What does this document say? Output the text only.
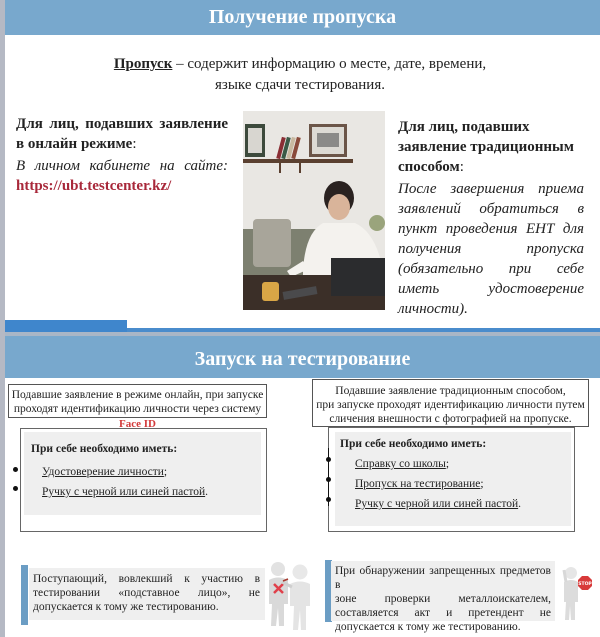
Получение пропуска
Пропуск – содержит информацию о месте, дате, времени,
языке сдачи тестирования.
Для лиц, подавших заявление
в онлайн режиме:
В личном кабинете на сайте:
https://ubt.testcenter.kz/
Для лиц, подавших
заявление традиционным
способом:
После завершения приема
заявлений обратиться в
пункт проведения ЕНТ для
получения пропуска
(обязательно при себе
иметь удостоверение
личности).
Запуск на тестирование
Подавшие заявление в режиме онлайн, при запуске
проходят идентификацию личности через систему
При себе необходимо иметь:
Удостоверение личности;
Ручку с черной или синей пастой.
Face ID
Подавшие заявление традиционным способом,
при запуске проходят идентификацию личности путем
сличения внешности с фотографией на пропуске.
При себе необходимо иметь:
Справку со школы;
Пропуск на тестирование;
Ручку с черной или синей пастой.
Поступающий, вовлекший к участию в
тестировании «подставное лицо», не
допускается к тому же тестированию.
При обнаружении запрещенных предметов в
зоне проверки металлоискателем,
составляется акт и претендент не
допускается к тому же тестированию.
STOP
